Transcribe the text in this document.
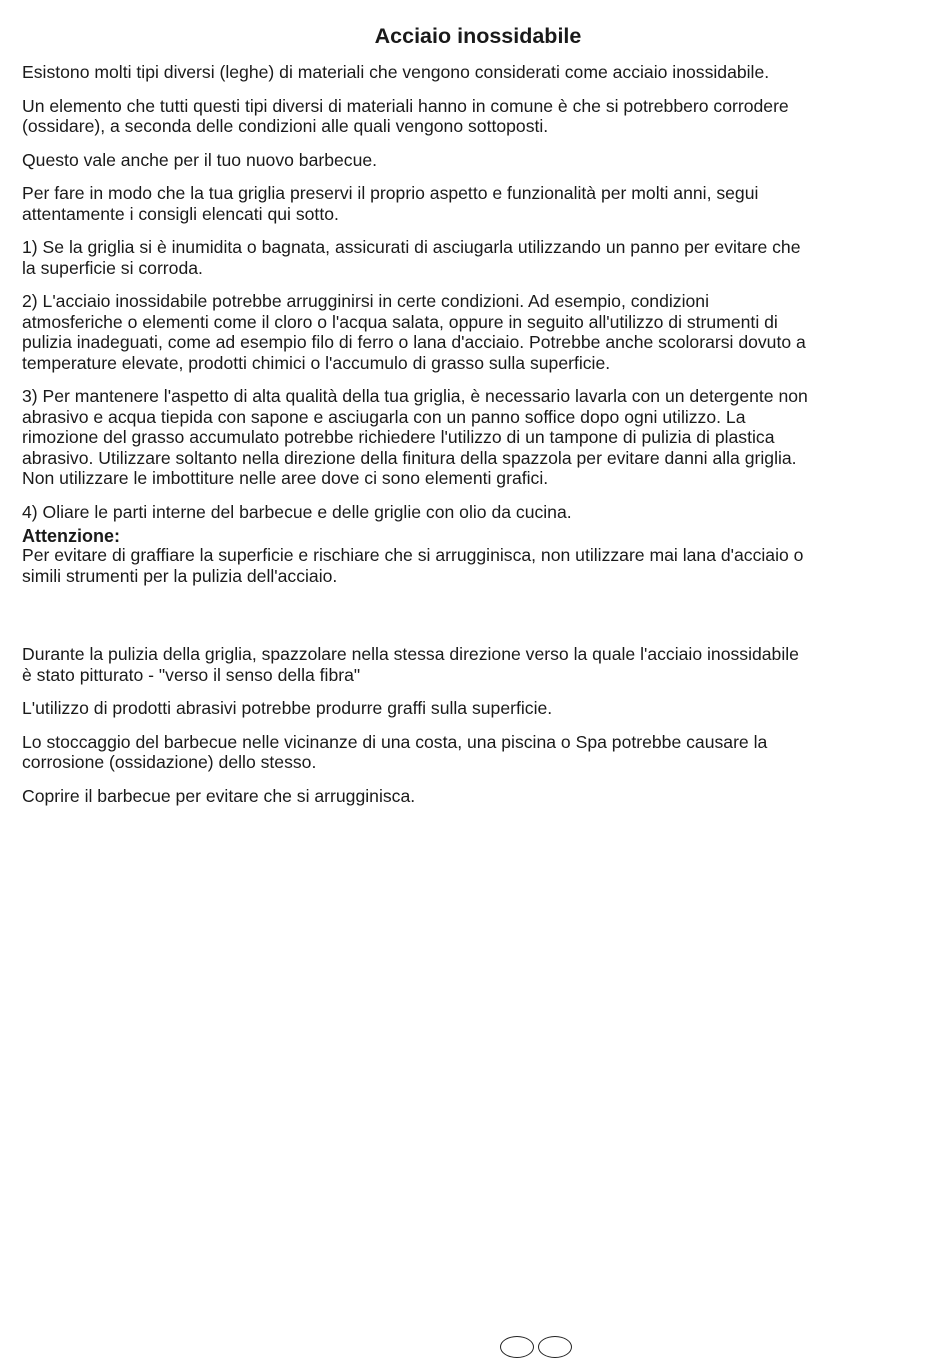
Acciaio inossidabile
Esistono molti tipi diversi (leghe) di materiali che vengono considerati come acciaio inossidabile.
Un elemento che tutti questi tipi diversi di materiali hanno in comune è che si potrebbero corrodere
(ossidare), a seconda delle condizioni alle quali vengono sottoposti.
Questo vale anche per il tuo nuovo barbecue.
Per fare in modo che la tua griglia preservi il proprio aspetto e funzionalità per molti anni, segui
attentamente i consigli elencati qui sotto.
1) Se la griglia si è inumidita o bagnata, assicurati di asciugarla utilizzando un panno per evitare che
la superficie si corroda.
2) L'acciaio inossidabile potrebbe arrugginirsi in certe condizioni. Ad esempio, condizioni
atmosferiche o elementi come il cloro o l'acqua salata, oppure in seguito all'utilizzo di strumenti di
pulizia inadeguati, come ad esempio filo di ferro o lana d'acciaio. Potrebbe anche scolorarsi dovuto a
temperature elevate, prodotti chimici o l'accumulo di grasso sulla superficie.
3) Per mantenere l'aspetto di alta qualità della tua griglia, è necessario lavarla con un detergente non
abrasivo e acqua tiepida con sapone e asciugarla con un panno soffice dopo ogni utilizzo. La
rimozione del grasso accumulato potrebbe richiedere l'utilizzo di un tampone di pulizia di plastica
abrasivo. Utilizzare soltanto nella direzione della finitura della spazzola per evitare danni alla griglia.
Non utilizzare le imbottiture nelle aree dove ci sono elementi grafici.
4) Oliare le parti interne del barbecue e delle griglie con olio da cucina.
Attenzione:
Per evitare di graffiare la superficie e rischiare che si arrugginisca, non utilizzare mai lana d'acciaio o
simili strumenti per la pulizia dell'acciaio.
Durante la pulizia della griglia, spazzolare nella stessa direzione verso la quale l'acciaio inossidabile
è stato pitturato - "verso il senso della fibra"
L'utilizzo di prodotti abrasivi potrebbe produrre graffi sulla superficie.
Lo stoccaggio del barbecue nelle vicinanze di una costa, una piscina o Spa potrebbe causare la
corrosione (ossidazione) dello stesso.
Coprire il barbecue per evitare che si arrugginisca.
